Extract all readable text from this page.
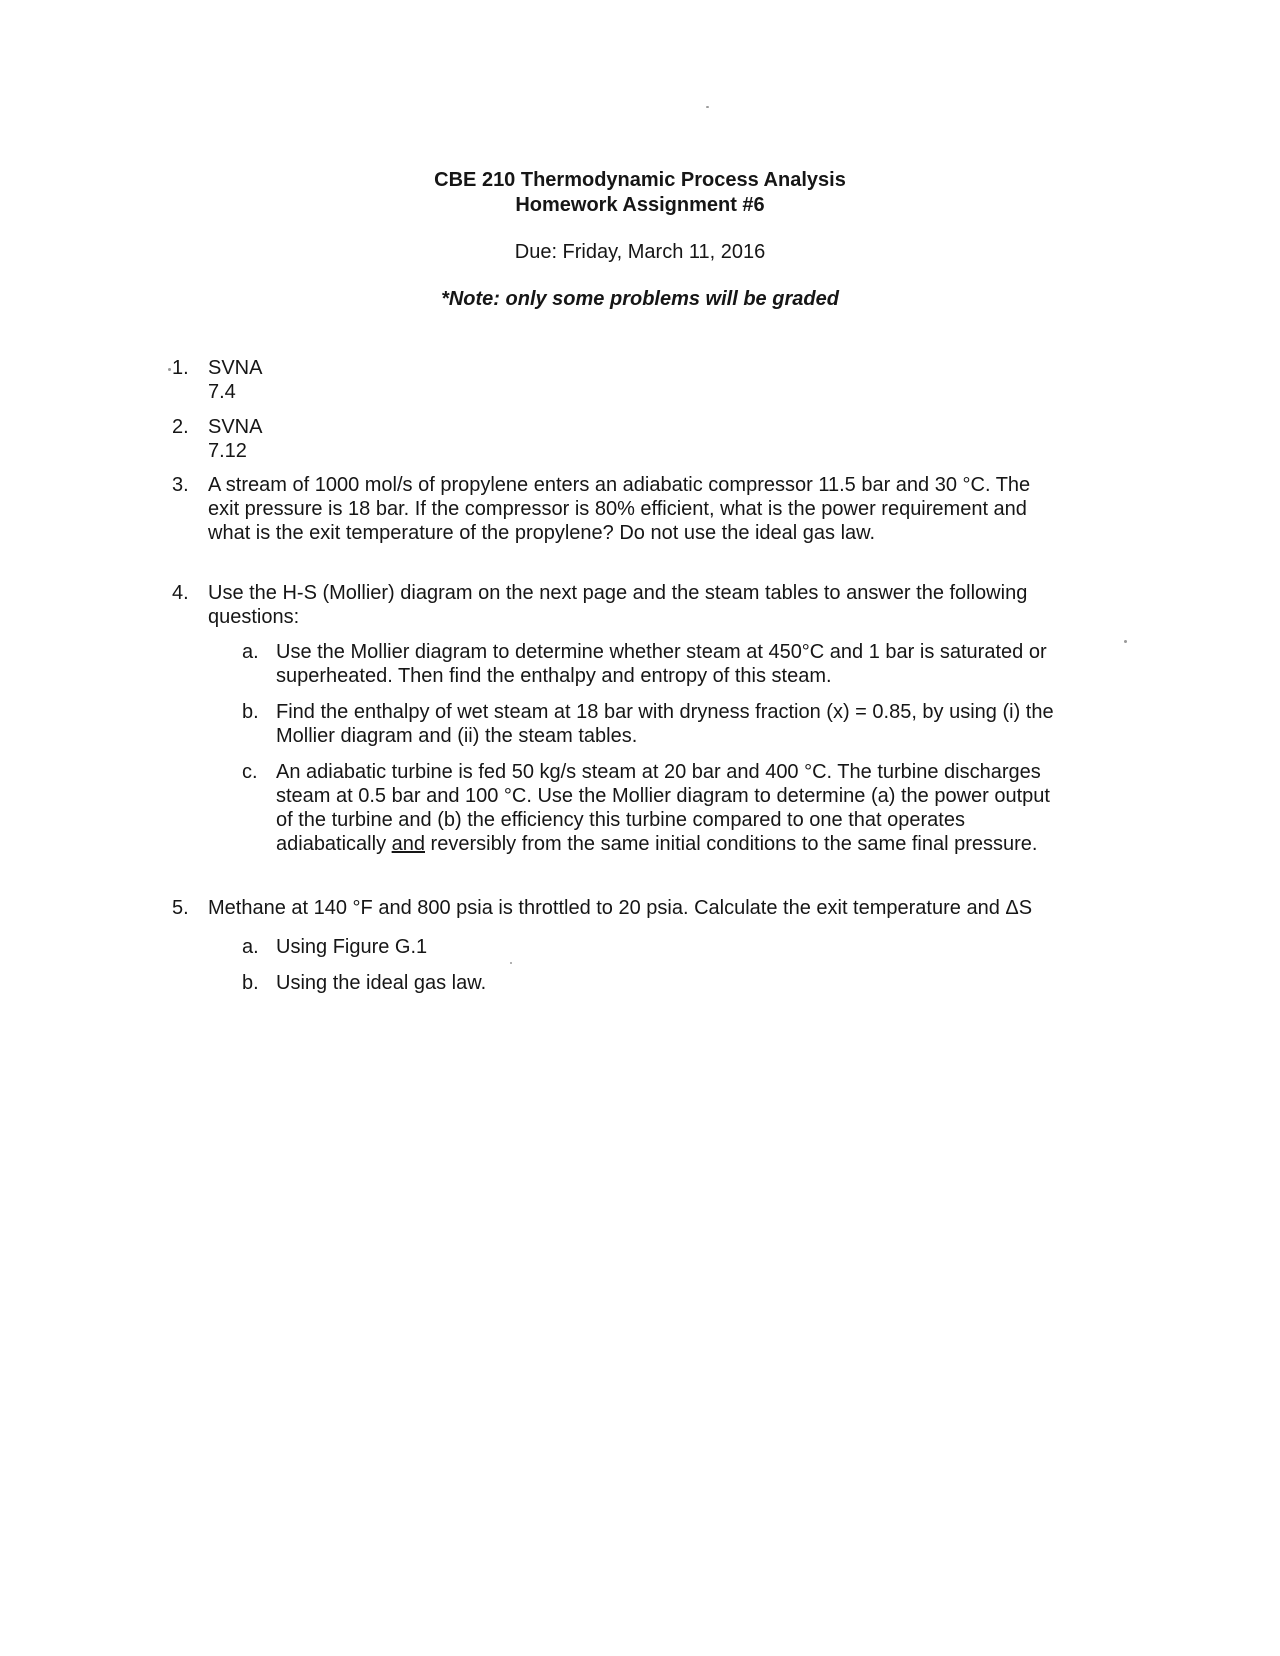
CBE 210 Thermodynamic Process Analysis
Homework Assignment #6
Due: Friday, March 11, 2016
*Note: only some problems will be graded
1. SVNA 7.4
2. SVNA 7.12
3. A stream of 1000 mol/s of propylene enters an adiabatic compressor 11.5 bar and 30 °C. The
exit pressure is 18 bar. If the compressor is 80% efficient, what is the power requirement and
what is the exit temperature of the propylene? Do not use the ideal gas law.
4. Use the H-S (Mollier) diagram on the next page and the steam tables to answer the following
questions:
a. Use the Mollier diagram to determine whether steam at 450°C and 1 bar is saturated or
superheated. Then find the enthalpy and entropy of this steam.
b. Find the enthalpy of wet steam at 18 bar with dryness fraction (x) = 0.85, by using (i) the
Mollier diagram and (ii) the steam tables.
c. An adiabatic turbine is fed 50 kg/s steam at 20 bar and 400 °C. The turbine discharges
steam at 0.5 bar and 100 °C. Use the Mollier diagram to determine (a) the power output
of the turbine and (b) the efficiency this turbine compared to one that operates
adiabatically and reversibly from the same initial conditions to the same final pressure.
5. Methane at 140 °F and 800 psia is throttled to 20 psia. Calculate the exit temperature and ΔS
a. Using Figure G.1
b. Using the ideal gas law.
